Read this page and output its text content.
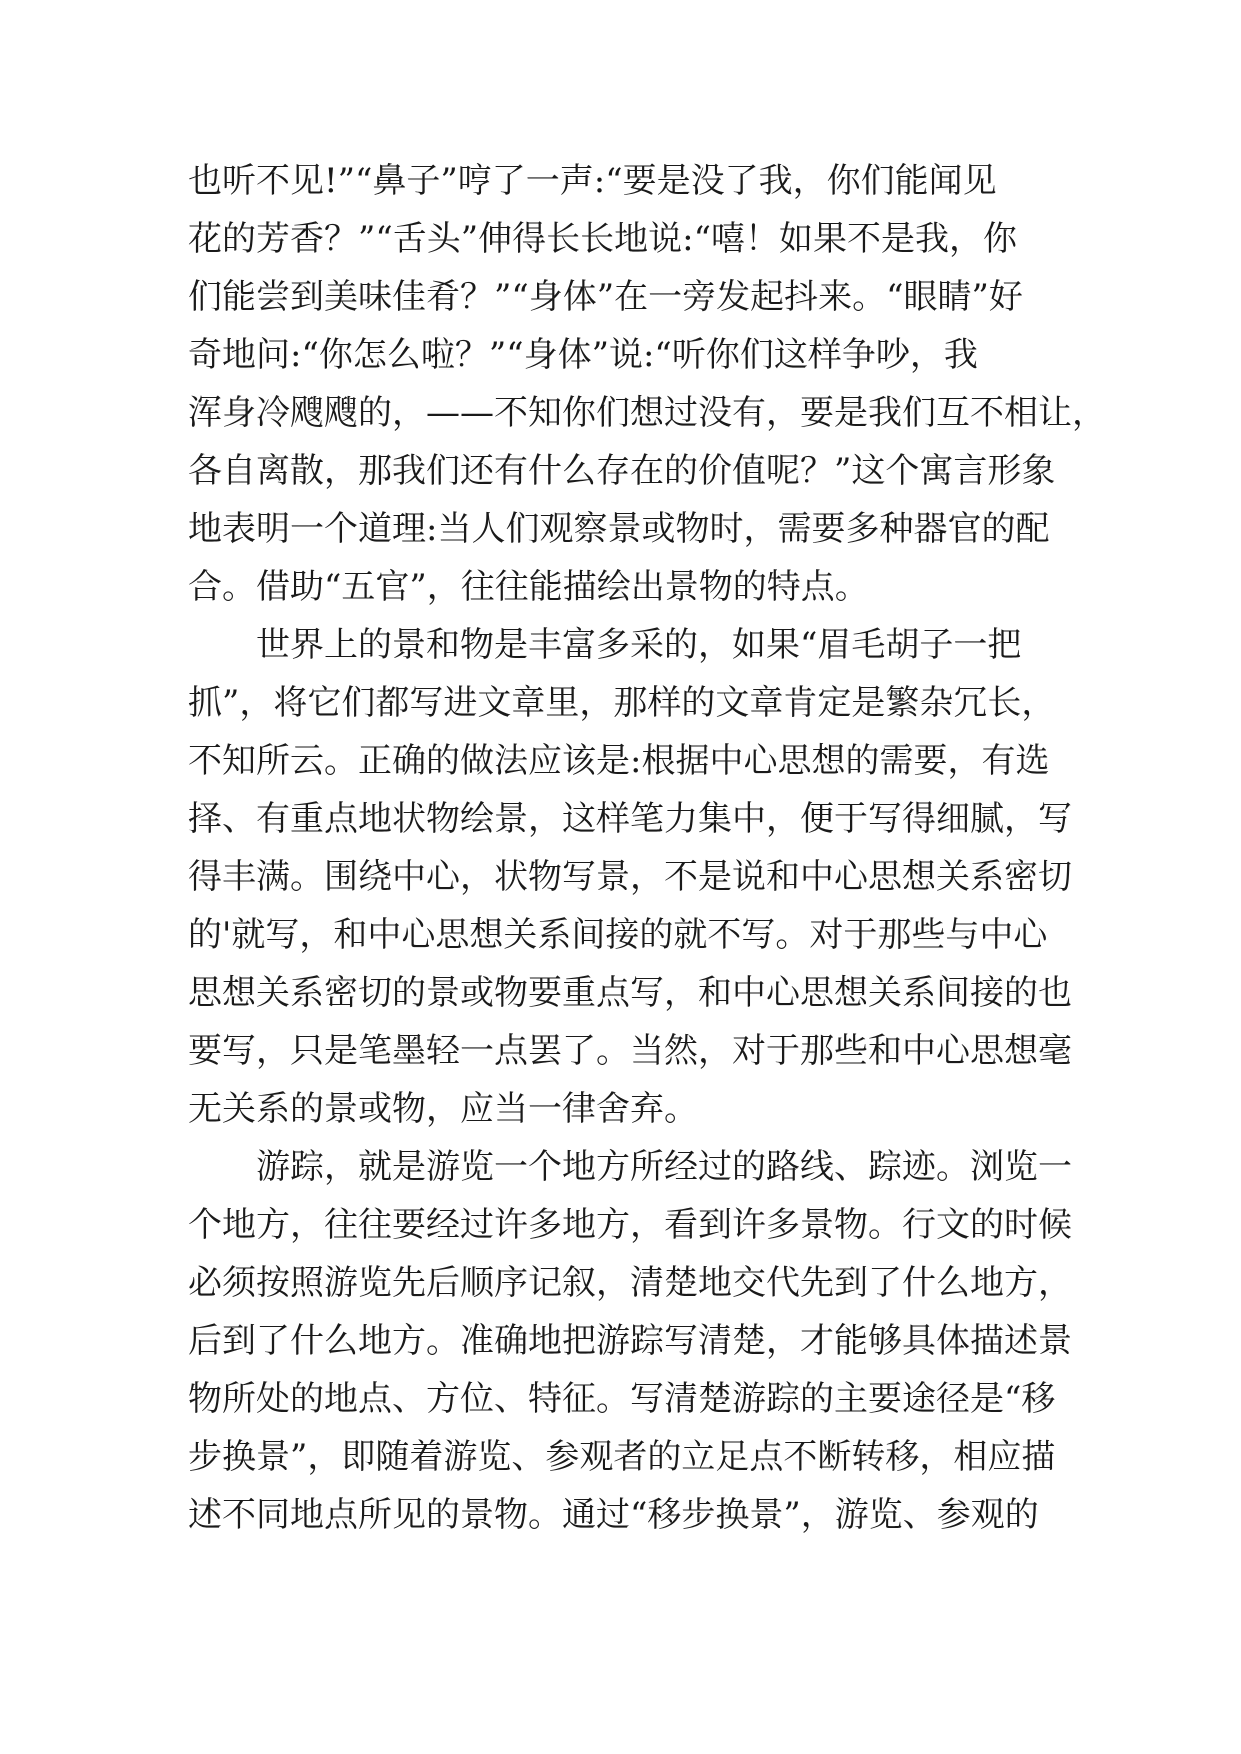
也听不见!”“鼻子”哼了一声:“要是没了我，你们能闻见
花的芳香？”“舌头”伸得长长地说:“嘻！如果不是我，你
们能尝到美味佳肴？”“身体”在一旁发起抖来。“眼睛”好
奇地问:“你怎么啦？”“身体”说:“听你们这样争吵，我
浑身冷飕飕的，——不知你们想过没有，要是我们互不相让，
各自离散，那我们还有什么存在的价值呢？”这个寓言形象
地表明一个道理:当人们观察景或物时，需要多种器官的配
合。借助“五官”，往往能描绘出景物的特点。
　　世界上的景和物是丰富多采的，如果“眉毛胡子一把
抓”，将它们都写进文章里，那样的文章肯定是繁杂冗长，
不知所云。正确的做法应该是:根据中心思想的需要，有选
择、有重点地状物绘景，这样笔力集中，便于写得细腻，写
得丰满。围绕中心，状物写景，不是说和中心思想关系密切
的'就写，和中心思想关系间接的就不写。对于那些与中心
思想关系密切的景或物要重点写，和中心思想关系间接的也
要写，只是笔墨轻一点罢了。当然，对于那些和中心思想毫
无关系的景或物，应当一律舍弃。
　　游踪，就是游览一个地方所经过的路线、踪迹。浏览一
个地方，往往要经过许多地方，看到许多景物。行文的时候
必须按照游览先后顺序记叙，清楚地交代先到了什么地方，
后到了什么地方。准确地把游踪写清楚，才能够具体描述景
物所处的地点、方位、特征。写清楚游踪的主要途径是“移
步换景”，即随着游览、参观者的立足点不断转移，相应描
述不同地点所见的景物。通过“移步换景”，游览、参观的
